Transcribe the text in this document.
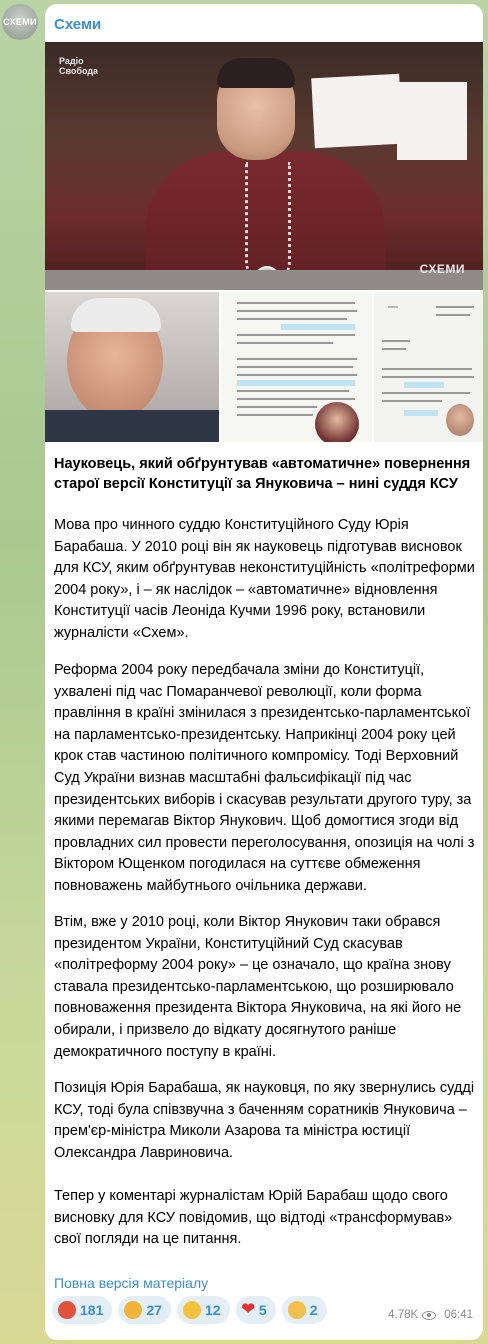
СХЕМИ Схеми
Радіо
Свобода
СХЕМИ
Науковець, який обґрунтував «автоматичне» повернення старої версії Конституції за Януковича – нині суддя КСУ
Мова про чинного суддю Конституційного Суду Юрія Барабаша. У 2010 році він як науковець підготував висновок для КСУ, яким обґрунтував неконституційність «політреформи 2004 року», і – як наслідок – «автоматичне» відновлення Конституції часів Леоніда Кучми 1996 року, встановили журналісти «Схем».
Реформа 2004 року передбачала зміни до Конституції, ухвалені під час Помаранчевої революції, коли форма правління в країні змінилася з президентсько-парламентської на парламентсько-президентську. Наприкінці 2004 року цей крок став частиною політичного компромісу. Тоді Верховний Суд України визнав масштабні фальсифікації під час президентських виборів і скасував результати другого туру, за якими перемагав Віктор Янукович. Щоб домогтися згоди від провладних сил провести переголосування, опозиція на чолі з Віктором Ющенком погодилася на суттєве обмеження повноважень майбутнього очільника держави.
Втім, вже у 2010 році, коли Віктор Янукович таки обрався президентом України, Конституційний Суд скасував «політреформу 2004 року» – це означало, що країна знову ставала президентсько-парламентською, що розширювало повноваження президента Віктора Януковича, на які його не обирали, і призвело до відкату досягнутого раніше демократичного поступу в країні.
Позиція Юрія Барабаша, як науковця, по яку звернулись судді КСУ, тоді була співзвучна з баченням соратників Януковича – прем'єр-міністра Миколи Азарова та міністра юстиції Олександра Лавриновича.
Тепер у коментарі журналістам Юрій Барабаш щодо свого висновку для КСУ повідомив, що відтоді «трансформував» свої погляди на це питання.
Повна версія матеріалу
181	27	12 ❤ 5	2	4.78K 06:41
